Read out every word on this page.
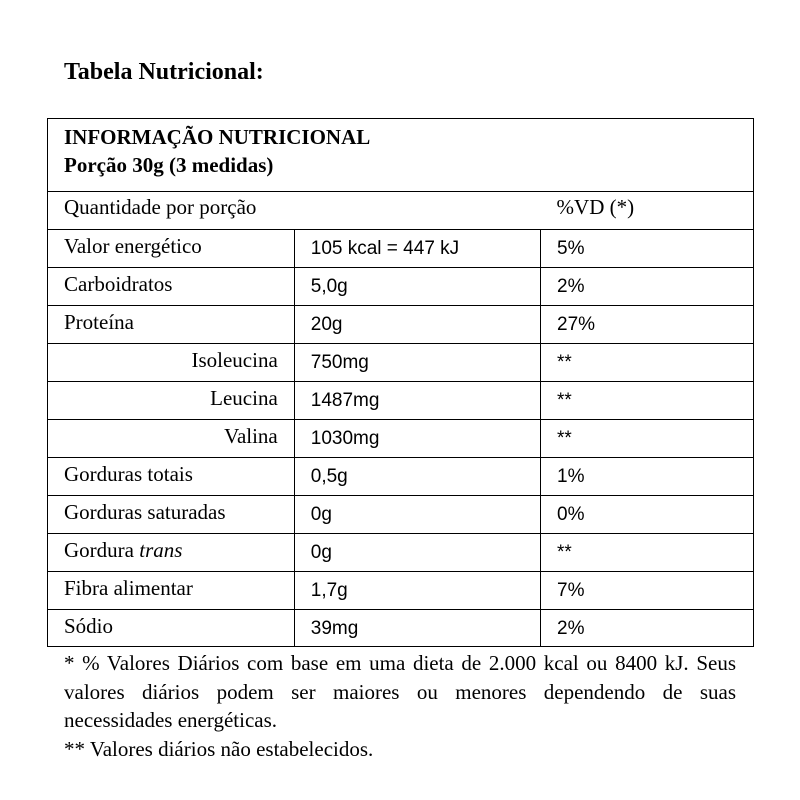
Tabela Nutricional:
INFORMAÇÃO NUTRICIONAL
Porção 30g (3 medidas)
Quantidade por porção		%VD (*)
Valor energético	105 kcal = 447 kJ	5%
Carboidratos	5,0g	2%
Proteína	20g	27%
Isoleucina	750mg	**
Leucina	1487mg	**
Valina	1030mg	**
Gorduras totais	0,5g	1%
Gorduras saturadas	0g	0%
Gordura trans	0g	**
Fibra alimentar	1,7g	7%
Sódio	39mg	2%
* % Valores Diários com base em uma dieta de 2.000 kcal ou 8400 kJ. Seus valores diários podem ser maiores ou menores dependendo de suas necessidades energéticas.
** Valores diários não estabelecidos.
